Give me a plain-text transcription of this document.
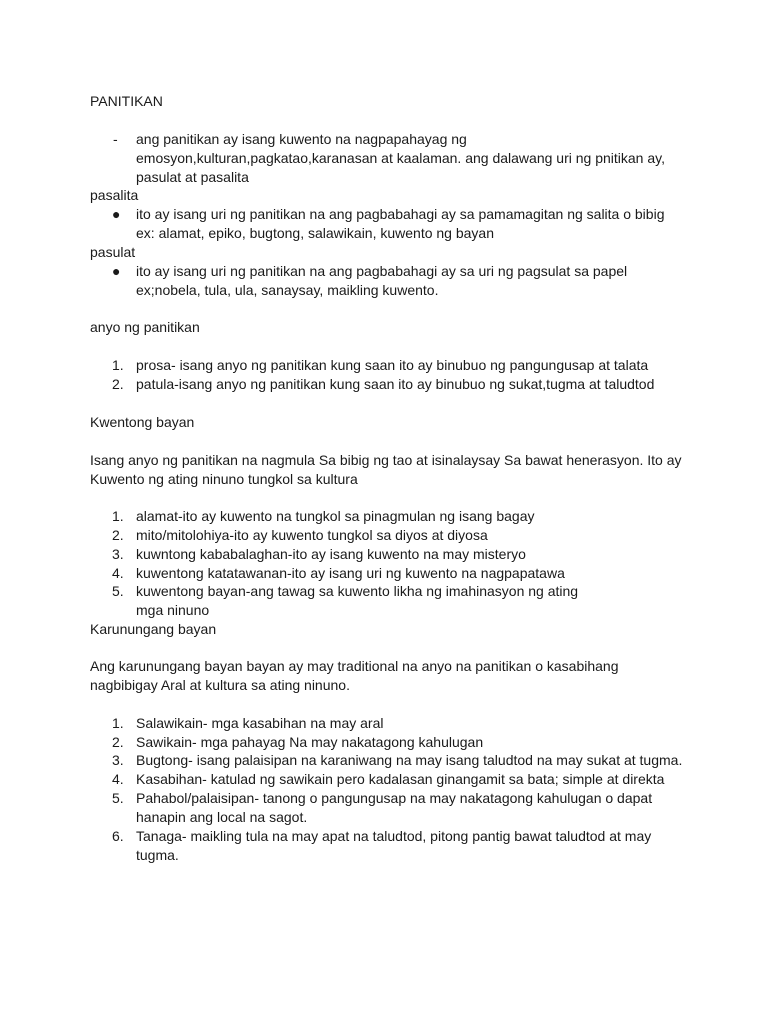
PANITIKAN
- ang panitikan ay isang kuwento na nagpapahayag ng
emosyon,kulturan,pagkatao,karanasan at kaalaman. ang dalawang uri ng pnitikan ay,
pasulat at pasalita
pasalita
● ito ay isang uri ng panitikan na ang pagbabahagi ay sa pamamagitan ng salita o bibig
ex: alamat, epiko, bugtong, salawikain, kuwento ng bayan
pasulat
● ito ay isang uri ng panitikan na ang pagbabahagi ay sa uri ng pagsulat sa papel
ex;nobela, tula, ula, sanaysay, maikling kuwento.
anyo ng panitikan
1. prosa- isang anyo ng panitikan kung saan ito ay binubuo ng pangungusap at talata
2. patula-isang anyo ng panitikan kung saan ito ay binubuo ng sukat,tugma at taludtod
Kwentong bayan
Isang anyo ng panitikan na nagmula Sa bibig ng tao at isinalaysay Sa bawat henerasyon. Ito ay
Kuwento ng ating ninuno tungkol sa kultura
1. alamat-ito ay kuwento na tungkol sa pinagmulan ng isang bagay
2. mito/mitolohiya-ito ay kuwento tungkol sa diyos at diyosa
3. kuwntong kababalaghan-ito ay isang kuwento na may misteryo
4. kuwentong katatawanan-ito ay isang uri ng kuwento na nagpapatawa
5. kuwentong bayan-ang tawag sa kuwento likha ng imahinasyon ng ating
mga ninuno
Karunungang bayan
Ang karunungang bayan bayan ay may traditional na anyo na panitikan o kasabihang
nagbibigay Aral at kultura sa ating ninuno.
1. Salawikain- mga kasabihan na may aral
2. Sawikain- mga pahayag Na may nakatagong kahulugan
3. Bugtong- isang palaisipan na karaniwang na may isang taludtod na may sukat at tugma.
4. Kasabihan- katulad ng sawikain pero kadalasan ginangamit sa bata; simple at direkta
5. Pahabol/palaisipan- tanong o pangungusap na may nakatagong kahulugan o dapat
hanapin ang local na sagot.
6. Tanaga- maikling tula na may apat na taludtod, pitong pantig bawat taludtod at may
tugma.
